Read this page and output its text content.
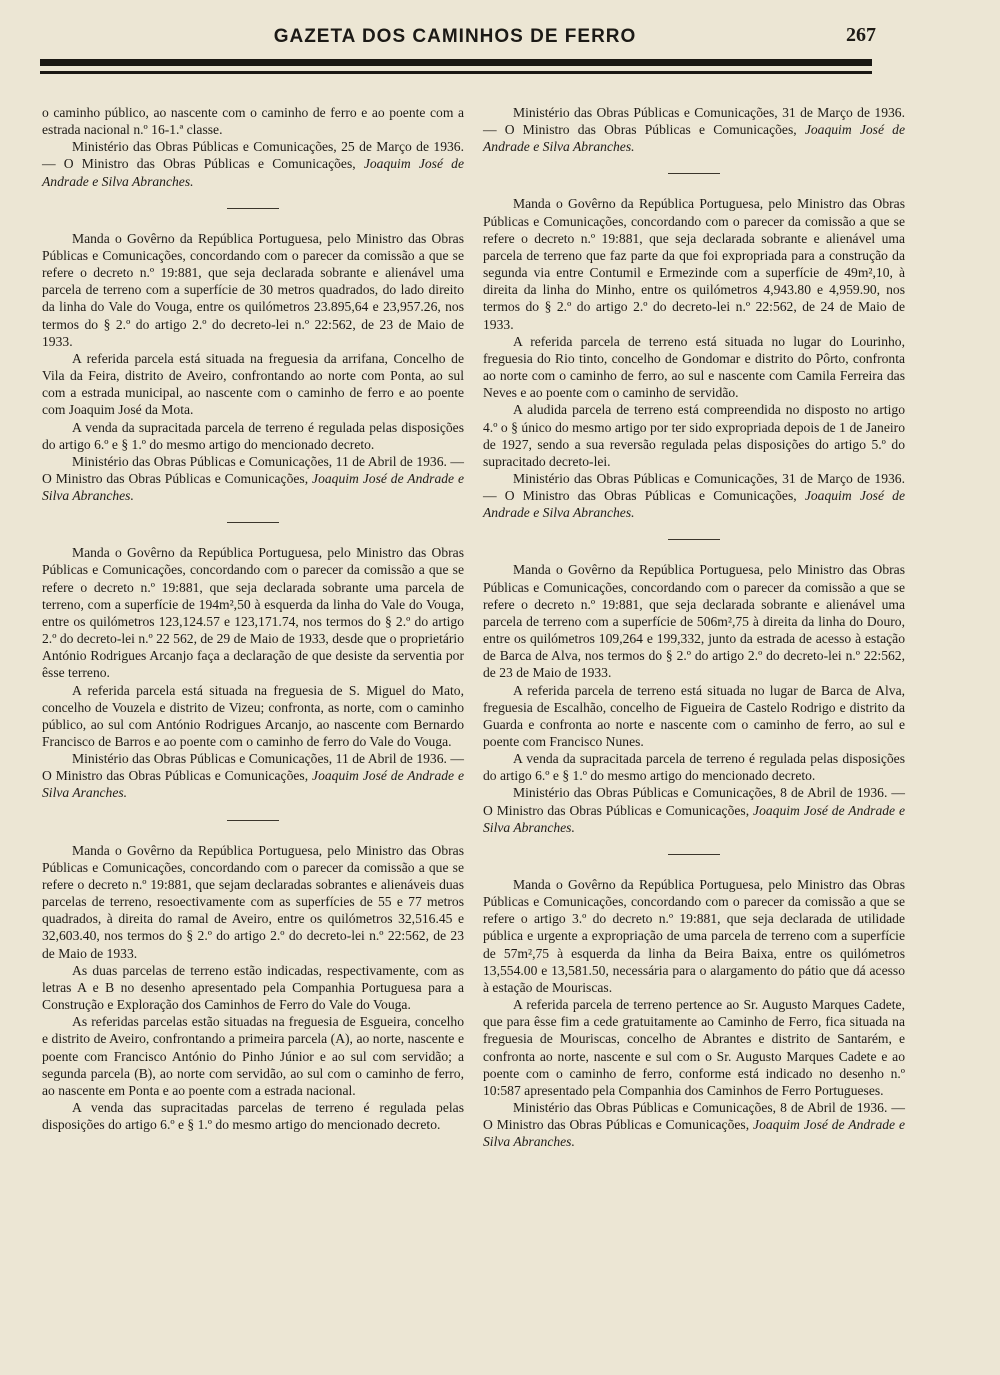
GAZETA DOS CAMINHOS DE FERRO	267

o caminho público, ao nascente com o caminho de ferro e ao poente com a estrada nacional n.º 16-1.ª classe.

Ministério das Obras Públicas e Comunicações, 25 de Março de 1936. — O Ministro das Obras Públicas e Comunicações, Joaquim José de Andrade e Silva Abranches.

Manda o Govêrno da República Portuguesa, pelo Ministro das Obras Públicas e Comunicações, concordando com o parecer da comissão a que se refere o decreto n.º 19:881, que seja declarada sobrante e alienável uma parcela de terreno com a superfície de 30 metros quadrados, do lado direito da linha do Vale do Vouga, entre os quilómetros 23.895,64 e 23,957.26, nos termos do § 2.º do artigo 2.º do decreto-lei n.º 22:562, de 23 de Maio de 1933.

A referida parcela está situada na freguesia da arrifana, Concelho de Vila da Feira, distrito de Aveiro, confrontando ao norte com Ponta, ao sul com a estrada municipal, ao nascente com o caminho de ferro e ao poente com Joaquim José da Mota.

A venda da supracitada parcela de terreno é regulada pelas disposições do artigo 6.º e § 1.º do mesmo artigo do mencionado decreto.

Ministério das Obras Públicas e Comunicações, 11 de Abril de 1936. — O Ministro das Obras Públicas e Comunicações, Joaquim José de Andrade e Silva Abranches.

Manda o Govêrno da República Portuguesa, pelo Ministro das Obras Públicas e Comunicações, concordando com o parecer da comissão a que se refere o decreto n.º 19:881, que seja declarada sobrante uma parcela de terreno, com a superfície de 194m²,50 à esquerda da linha do Vale do Vouga, entre os quilómetros 123,124.57 e 123,171.74, nos termos do § 2.º do artigo 2.º do decreto-lei n.º 22 562, de 29 de Maio de 1933, desde que o proprietário António Rodrigues Arcanjo faça a declaração de que desiste da serventia por êsse terreno.

A referida parcela está situada na freguesia de S. Miguel do Mato, concelho de Vouzela e distrito de Vizeu; confronta, as norte, com o caminho público, ao sul com António Rodrigues Arcanjo, ao nascente com Bernardo Francisco de Barros e ao poente com o caminho de ferro do Vale do Vouga.

Ministério das Obras Públicas e Comunicações, 11 de Abril de 1936. — O Ministro das Obras Públicas e Comunicações, Joaquim José de Andrade e Silva Aranches.

Manda o Govêrno da República Portuguesa, pelo Ministro das Obras Públicas e Comunicações, concordando com o parecer da comissão a que se refere o decreto n.º 19:881, que sejam declaradas sobrantes e alienáveis duas parcelas de terreno, resoectivamente com as superfícies de 55 e 77 metros quadrados, à direita do ramal de Aveiro, entre os quilómetros 32,516.45 e 32,603.40, nos termos do § 2.º do artigo 2.º do decreto-lei n.º 22:562, de 23 de Maio de 1933.

As duas parcelas de terreno estão indicadas, respectivamente, com as letras A e B no desenho apresentado pela Companhia Portuguesa para a Construção e Exploração dos Caminhos de Ferro do Vale do Vouga.

As referidas parcelas estão situadas na freguesia de Esgueira, concelho e distrito de Aveiro, confrontando a primeira parcela (A), ao norte, nascente e poente com Francisco António do Pinho Júnior e ao sul com servidão; a segunda parcela (B), ao norte com servidão, ao sul com o caminho de ferro, ao nascente em Ponta e ao poente com a estrada nacional.

A venda das supracitadas parcelas de terreno é regulada pelas disposições do artigo 6.º e § 1.º do mesmo artigo do mencionado decreto.

Ministério das Obras Públicas e Comunicações, 31 de Março de 1936. — O Ministro das Obras Públicas e Comunicações, Joaquim José de Andrade e Silva Abranches.

Manda o Govêrno da República Portuguesa, pelo Ministro das Obras Públicas e Comunicações, concordando com o parecer da comissão a que se refere o decreto n.º 19:881, que seja declarada sobrante e alienável uma parcela de terreno que faz parte da que foi expropriada para a construção da segunda via entre Contumil e Ermezinde com a superfície de 49m²,10, à direita da linha do Minho, entre os quilómetros 4,943.80 e 4,959.90, nos termos do § 2.º do artigo 2.º do decreto-lei n.º 22:562, de 24 de Maio de 1933.

A referida parcela de terreno está situada no lugar do Lourinho, freguesia do Rio tinto, concelho de Gondomar e distrito do Pôrto, confronta ao norte com o caminho de ferro, ao sul e nascente com Camila Ferreira das Neves e ao poente com o caminho de servidão.

A aludida parcela de terreno está compreendida no disposto no artigo 4.º o § único do mesmo artigo por ter sido expropriada depois de 1 de Janeiro de 1927, sendo a sua reversão regulada pelas disposições do artigo 5.º do supracitado decreto-lei.

Ministério das Obras Públicas e Comunicações, 31 de Março de 1936. — O Ministro das Obras Públicas e Comunicações, Joaquim José de Andrade e Silva Abranches.

Manda o Govêrno da República Portuguesa, pelo Ministro das Obras Públicas e Comunicações, concordando com o parecer da comissão a que se refere o decreto n.º 19:881, que seja declarada sobrante e alienável uma parcela de terreno com a superfície de 506m²,75 à direita da linha do Douro, entre os quilómetros 109,264 e 199,332, junto da estrada de acesso à estação de Barca de Alva, nos termos do § 2.º do artigo 2.º do decreto-lei n.º 22:562, de 23 de Maio de 1933.

A referida parcela de terreno está situada no lugar de Barca de Alva, freguesia de Escalhão, concelho de Figueira de Castelo Rodrigo e distrito da Guarda e confronta ao norte e nascente com o caminho de ferro, ao sul e poente com Francisco Nunes.

A venda da supracitada parcela de terreno é regulada pelas disposições do artigo 6.º e § 1.º do mesmo artigo do mencionado decreto.

Ministério das Obras Públicas e Comunicações, 8 de Abril de 1936. — O Ministro das Obras Públicas e Comunicações, Joaquim José de Andrade e Silva Abranches.

Manda o Govêrno da República Portuguesa, pelo Ministro das Obras Públicas e Comunicações, concordando com o parecer da comissão a que se refere o artigo 3.º do decreto n.º 19:881, que seja declarada de utilidade pública e urgente a expropriação de uma parcela de terreno com a superfície de 57m²,75 à esquerda da linha da Beira Baixa, entre os quilómetros 13,554.00 e 13,581.50, necessária para o alargamento do pátio que dá acesso à estação de Mouriscas.

A referida parcela de terreno pertence ao Sr. Augusto Marques Cadete, que para êsse fim a cede gratuitamente ao Caminho de Ferro, fica situada na freguesia de Mouriscas, concelho de Abrantes e distrito de Santarém, e confronta ao norte, nascente e sul com o Sr. Augusto Marques Cadete e ao poente com o caminho de ferro, conforme está indicado no desenho n.º 10:587 apresentado pela Companhia dos Caminhos de Ferro Portugueses.

Ministério das Obras Públicas e Comunicações, 8 de Abril de 1936. — O Ministro das Obras Públicas e Comunicações, Joaquim José de Andrade e Silva Abranches.
